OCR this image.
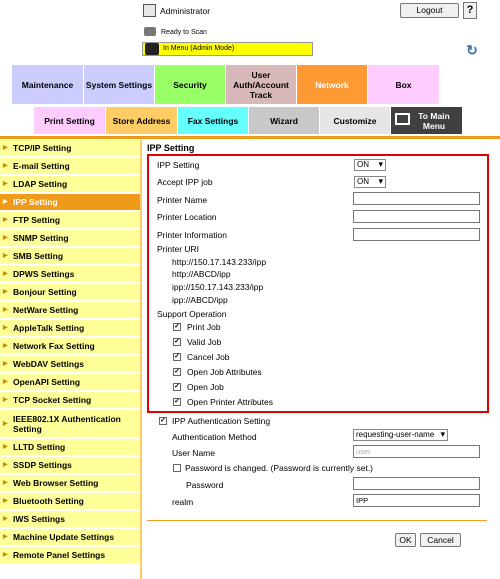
Administrator	Logout	?
Ready to Scan
In Menu (Admin Mode)	↻
Maintenance System Settings Security
User Auth/Account Track
Network	Box
Print Setting Store Address Fax Settings	Wizard	Customize	To Main Menu
▶ TCP/IP Setting
▶ E-mail Setting
▶ LDAP Setting
▶ IPP Setting
▶ FTP Setting
▶ SNMP Setting
▶ SMB Setting
▶ DPWS Settings
▶ Bonjour Setting
▶ NetWare Setting
▶ AppleTalk Setting
▶ Network Fax Setting
▶ WebDAV Settings
▶ OpenAPI Setting
▶ TCP Socket Setting
▶ IEEE802.1X Authentication Setting
▶ LLTD Setting
▶ SSDP Settings
▶ Web Browser Setting
▶ Bluetooth Setting
▶ IWS Settings
▶ Machine Update Settings
▶ Remote Panel Settings
IPP Setting
IPP Setting	ON ▾
Accept IPP job	ON ▾
Printer Name
Printer Location
Printer Information
Printer URI
http://150.17.143.233/ipp
http://ABCD/ipp
ipp://150.17.143.233/ipp
ipp://ABCD/ipp
Support Operation
✓ Print Job
✓ Valid Job
✓ Cancel Job
✓ Open Job Attributes
✓ Open Job
✓ Open Printer Attributes
✓ IPP Authentication Setting
Authentication Method	requesting-user-name ▾
User Name	user
Password is changed. (Password is currently set.)
Password
realm	IPP
OK	Cancel
